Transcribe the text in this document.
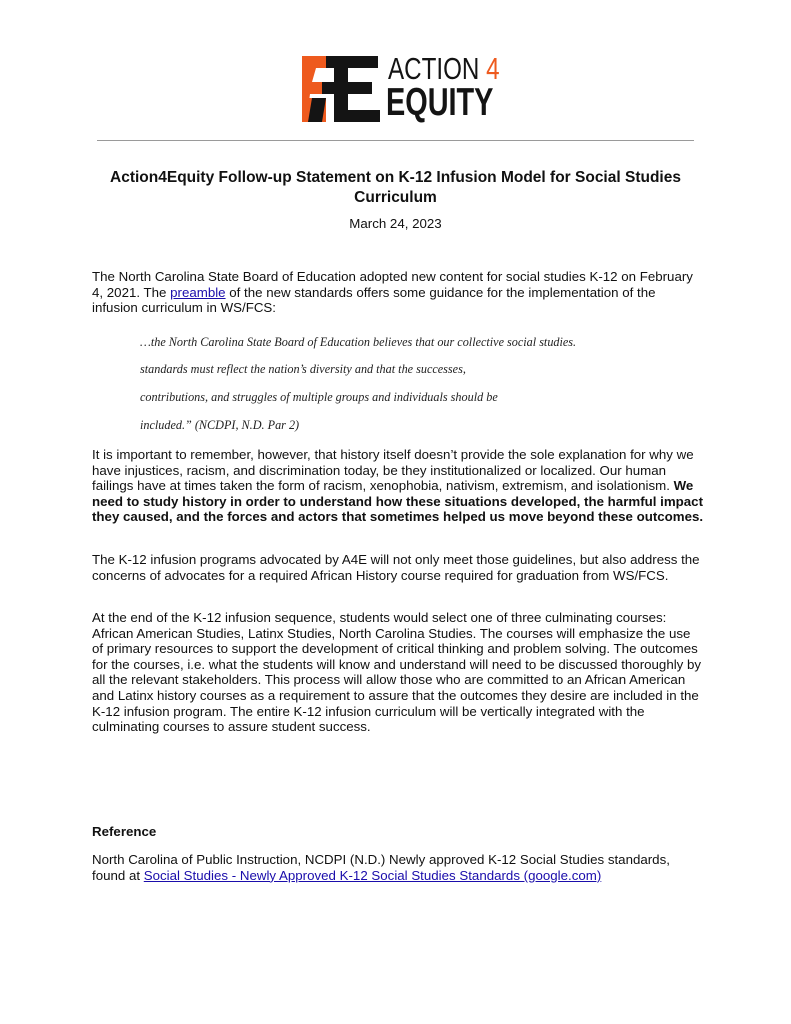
ACTION 4
EQUITY
Action4Equity Follow-up Statement on K-12 Infusion Model for Social Studies Curriculum
March 24, 2023

The North Carolina State Board of Education adopted new content for social studies K-12 on February 4, 2021. The preamble of the new standards offers some guidance for the implementation of the infusion curriculum in WS/FCS:

…the North Carolina State Board of Education believes that our collective social studies.
standards must reflect the nation’s diversity and that the successes,
contributions, and struggles of multiple groups and individuals should be
included.” (NCDPI, N.D. Par 2)

It is important to remember, however, that history itself doesn’t provide the sole explanation for why we have injustices, racism, and discrimination today, be they institutionalized or localized. Our human failings have at times taken the form of racism, xenophobia, nativism, extremism, and isolationism. We need to study history in order to understand how these situations developed, the harmful impact they caused, and the forces and actors that sometimes helped us move beyond these outcomes.

The K-12 infusion programs advocated by A4E will not only meet those guidelines, but also address the concerns of advocates for a required African History course required for graduation from WS/FCS.

At the end of the K-12 infusion sequence, students would select one of three culminating courses: African American Studies, Latinx Studies, North Carolina Studies. The courses will emphasize the use of primary resources to support the development of critical thinking and problem solving. The outcomes for the courses, i.e. what the students will know and understand will need to be discussed thoroughly by all the relevant stakeholders. This process will allow those who are committed to an African American and Latinx history courses as a requirement to assure that the outcomes they desire are included in the K-12 infusion program. The entire K-12 infusion curriculum will be vertically integrated with the culminating courses to assure student success.

Reference

North Carolina of Public Instruction, NCDPI (N.D.) Newly approved K-12 Social Studies standards, found at Social Studies - Newly Approved K-12 Social Studies Standards (google.com)
